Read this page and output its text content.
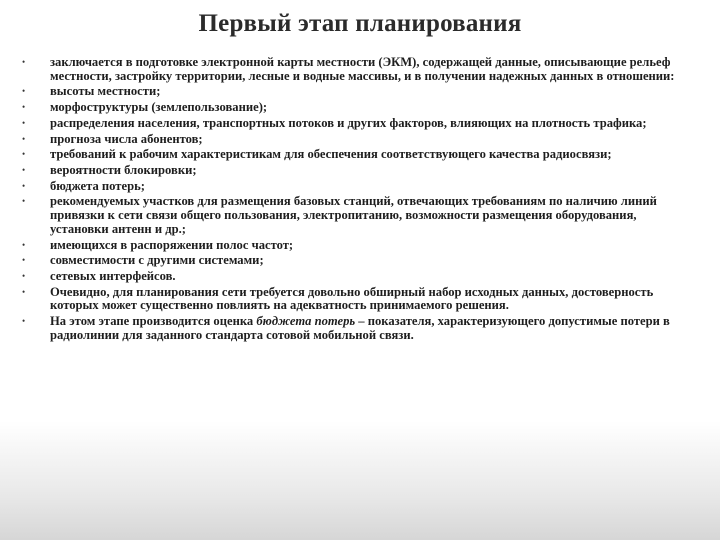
Первый этап планирования
• заключается в подготовке электронной карты местности (ЭКМ), содержащей данные, описывающие рельеф местности, застройку территории, лесные и водные массивы, и в получении надежных данных в отношении:
• высоты местности;
• морфоструктуры (землепользование);
• распределения населения, транспортных потоков и других факторов, влияющих на плотность трафика;
• прогноза числа абонентов;
• требований к рабочим характеристикам для обеспечения соответствующего качества радиосвязи;
• вероятности блокировки;
• бюджета потерь;
• рекомендуемых участков для размещения базовых станций, отвечающих требованиям по наличию линий привязки к сети связи общего пользования, электропитанию, возможности размещения оборудования, установки антенн и др.;
• имеющихся в распоряжении полос частот;
• совместимости с другими системами;
• сетевых интерфейсов.
• Очевидно, для планирования сети требуется довольно обширный набор исходных данных, достоверность которых может существенно повлиять на адекватность принимаемого решения.
• На этом этапе производится оценка бюджета потерь – показателя, характеризующего допустимые потери в радиолинии для заданного стандарта сотовой мобильной связи.
